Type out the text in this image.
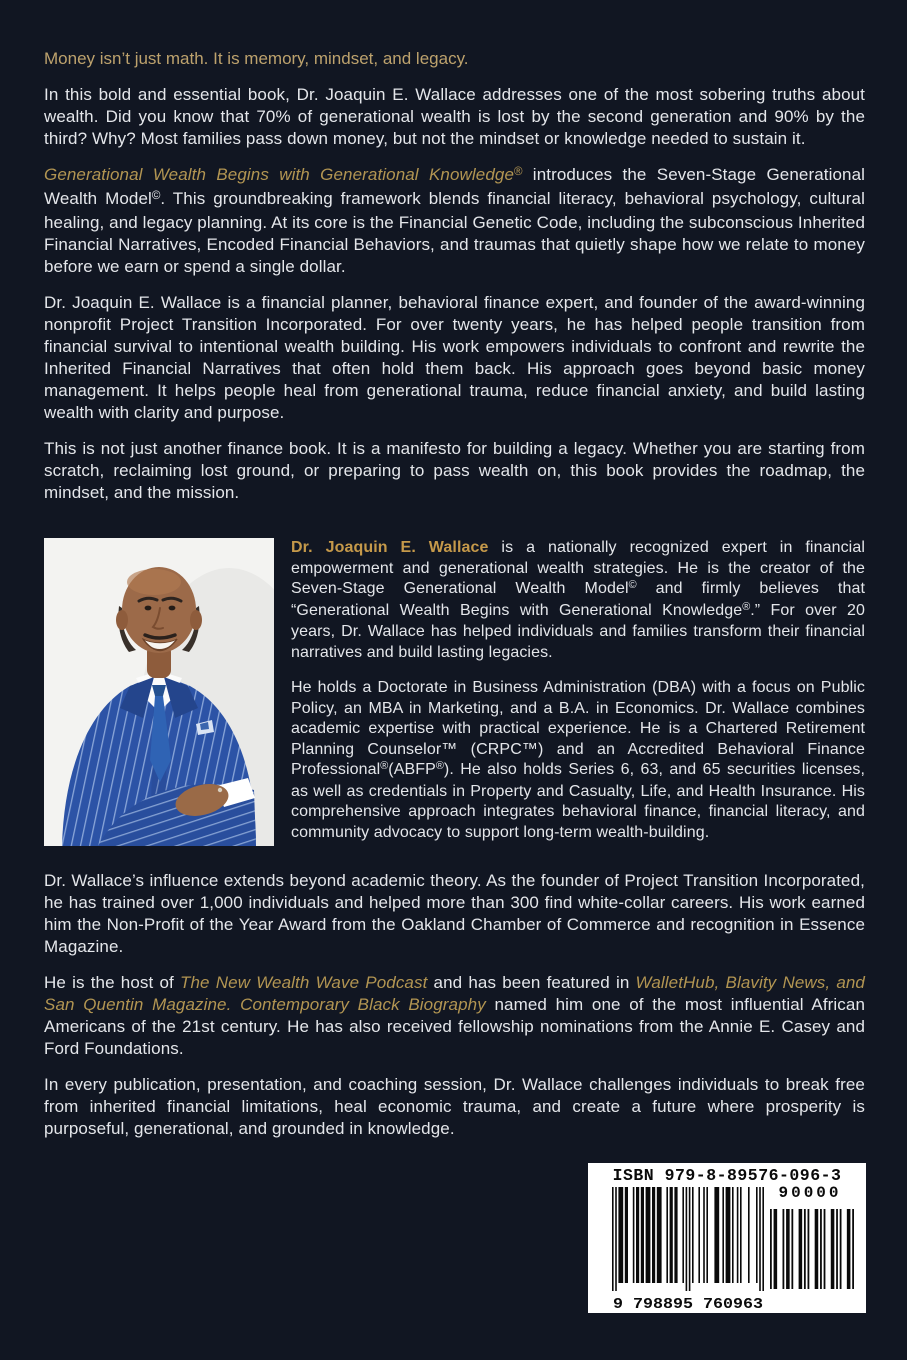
Money isn’t just math. It is memory, mindset, and legacy.

In this bold and essential book, Dr. Joaquin E. Wallace addresses one of the most sobering truths about wealth. Did you know that 70% of generational wealth is lost by the second generation and 90% by the third? Why? Most families pass down money, but not the mindset or knowledge needed to sustain it.

Generational Wealth Begins with Generational Knowledge® introduces the Seven-Stage Generational Wealth Model©. This groundbreaking framework blends financial literacy, behavioral psychology, cultural healing, and legacy planning. At its core is the Financial Genetic Code, including the subconscious Inherited Financial Narratives, Encoded Financial Behaviors, and traumas that quietly shape how we relate to money before we earn or spend a single dollar.

Dr. Joaquin E. Wallace is a financial planner, behavioral finance expert, and founder of the award-winning nonprofit Project Transition Incorporated. For over twenty years, he has helped people transition from financial survival to intentional wealth building. His work empowers individuals to confront and rewrite the Inherited Financial Narratives that often hold them back. His approach goes beyond basic money management. It helps people heal from generational trauma, reduce financial anxiety, and build lasting wealth with clarity and purpose.

This is not just another finance book. It is a manifesto for building a legacy. Whether you are starting from scratch, reclaiming lost ground, or preparing to pass wealth on, this book provides the roadmap, the mindset, and the mission.

Dr. Joaquin E. Wallace is a nationally recognized expert in financial empowerment and generational wealth strategies. He is the creator of the Seven-Stage Generational Wealth Model© and firmly believes that “Generational Wealth Begins with Generational Knowledge®.” For over 20 years, Dr. Wallace has helped individuals and families transform their financial narratives and build lasting legacies.

He holds a Doctorate in Business Administration (DBA) with a focus on Public Policy, an MBA in Marketing, and a B.A. in Economics. Dr. Wallace combines academic expertise with practical experience. He is a Chartered Retirement Planning Counselor™ (CRPC™) and an Accredited Behavioral Finance Professional®(ABFP®). He also holds Series 6, 63, and 65 securities licenses, as well as credentials in Property and Casualty, Life, and Health Insurance. His comprehensive approach integrates behavioral finance, financial literacy, and community advocacy to support long-term wealth-building.

Dr. Wallace’s influence extends beyond academic theory. As the founder of Project Transition Incorporated, he has trained over 1,000 individuals and helped more than 300 find white-collar careers. His work earned him the Non-Profit of the Year Award from the Oakland Chamber of Commerce and recognition in Essence Magazine.

He is the host of The New Wealth Wave Podcast and has been featured in WalletHub, Blavity News, and San Quentin Magazine. Contemporary Black Biography named him one of the most influential African Americans of the 21st century. He has also received fellowship nominations from the Annie E. Casey and Ford Foundations.

In every publication, presentation, and coaching session, Dr. Wallace challenges individuals to break free from inherited financial limitations, heal economic trauma, and create a future where prosperity is purposeful, generational, and grounded in knowledge.

ISBN 979-8-89576-096-3
90000
9 798895 760963
